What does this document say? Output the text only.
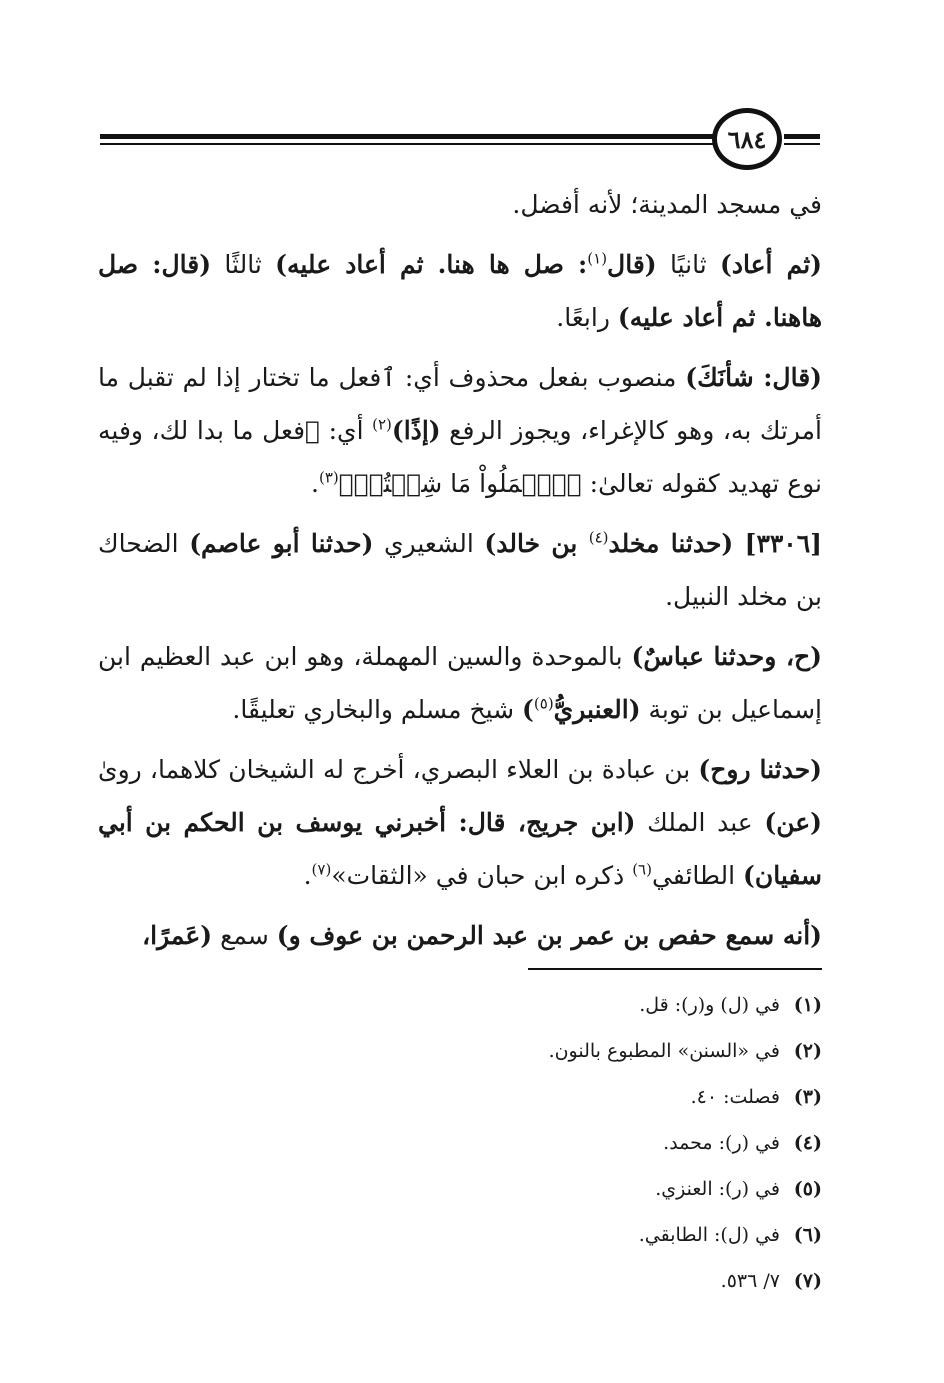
٦٨٤

في مسجد المدينة؛ لأنه أفضل.

(ثم أعاد) ثانيًا (قال$^{(١)}$: صل ها هنا. ثم أعاد عليه) ثالثًا (قال: صل هاهنا. ثم أعاد عليه) رابعًا.

(قال: شأنَكَ) منصوب بفعل محذوف أي: ٱفعل ما تختار إذا لم تقبل ما أمرتك به، وهو كالإغراء، ويجوز الرفع (إذًا)$^{(٢)}$ أي: ٱفعل ما بدا لك، وفيه نوع تهديد كقوله تعالىٰ: ﴿ٱعۡمَلُواْ مَا شِئۡتُمۡ﴾$^{(٣)}$.

[٣٣٠٦] (حدثنا مخلد$^{(٤)}$ بن خالد) الشعيري (حدثنا أبو عاصم) الضحاك بن مخلد النبيل.

(ح، وحدثنا عباسٌ) بالموحدة والسين المهملة، وهو ابن عبد العظيم ابن إسماعيل بن توبة (العنبريُّ$^{(٥)}$) شيخ مسلم والبخاري تعليقًا.

(حدثنا روح) بن عبادة بن العلاء البصري، أخرج له الشيخان كلاهما، روىٰ (عن) عبد الملك (ابن جريج، قال: أخبرني يوسف بن الحكم بن أبي سفيان) الطائفي$^{(٦)}$ ذكره ابن حبان في «الثقات»$^{(٧)}$.

(أنه سمع حفص بن عمر بن عبد الرحمن بن عوف و) سمع (عَمرًا،

(١)في (ل) و(ر): قل.
(٢)في «السنن» المطبوع بالنون.
(٣)فصلت: ٤٠.
(٤)في (ر): محمد.
(٥)في (ر): العنزي.
(٦)في (ل): الطابقي.
(٧)٧/ ٥٣٦.
